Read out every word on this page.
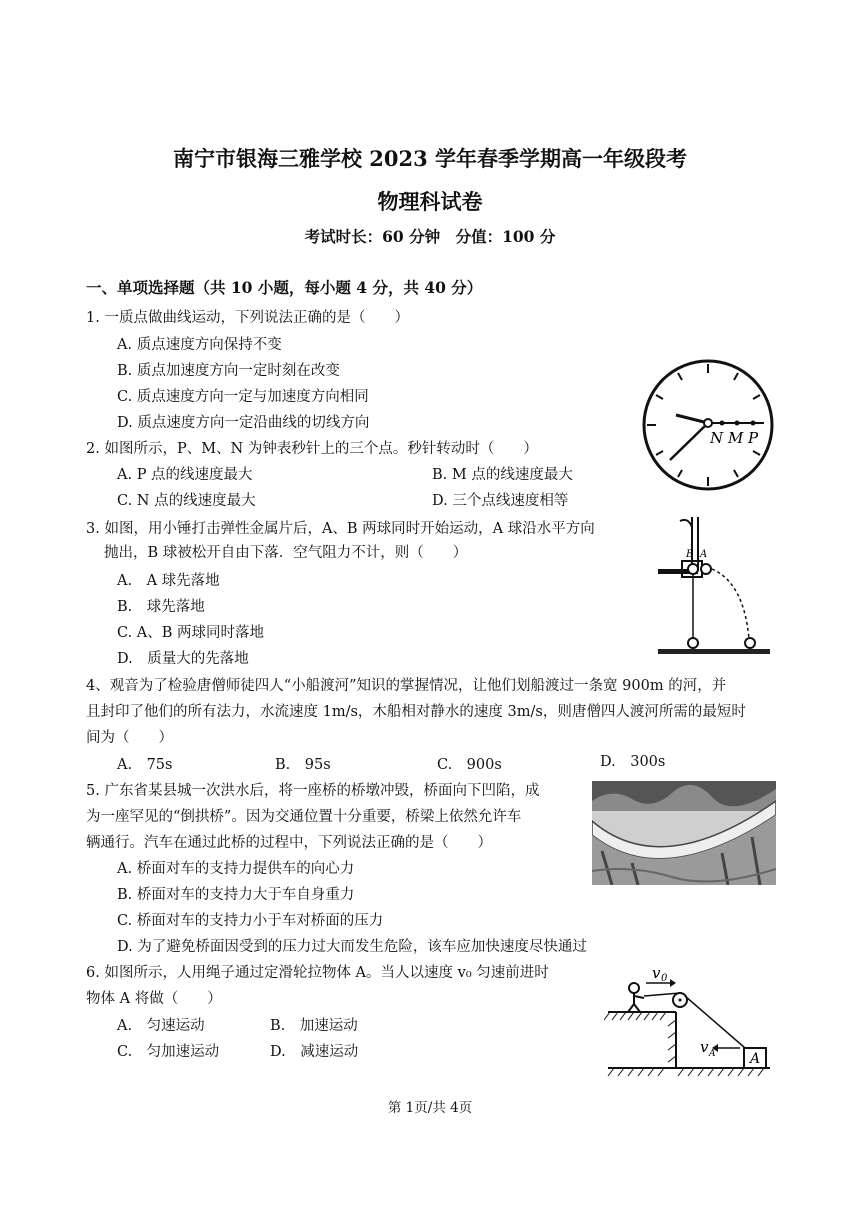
南宁市银海三雅学校 2023 学年春季学期高一年级段考
物理科试卷
考试时长：60 分钟　分值：100 分
一、单项选择题（共 10 小题，每小题 4 分，共 40 分）
1. 一质点做曲线运动，下列说法正确的是（　　）
A. 质点速度方向保持不变
B. 质点加速度方向一定时刻在改变
C. 质点速度方向一定与加速度方向相同
D. 质点速度方向一定沿曲线的切线方向
2. 如图所示，P、M、N 为钟表秒针上的三个点。秒针转动时（　　）
A. P 点的线速度最大	B. M 点的线速度最大
C. N 点的线速度最大	D. 三个点线速度相等
N M P
3. 如图，用小锤打击弹性金属片后，A、B 两球同时开始运动，A 球沿水平方向
抛出，B 球被松开自由下落．空气阻力不计，则（　　）
A.　A 球先落地
B.　球先落地
C. A、B 两球同时落地
D.　质量大的先落地
B A
4、观音为了检验唐僧师徒四人“小船渡河”知识的掌握情况，让他们划船渡过一条宽 900m 的河，并
且封印了他们的所有法力，水流速度 1m/s，木船相对静水的速度 3m/s，则唐僧四人渡河所需的最短时
间为（　　）
A.　75s	B.　95s	C.　900s	D.　300s
5. 广东省某县城一次洪水后，将一座桥的桥墩冲毁，桥面向下凹陷，成
为一座罕见的“倒拱桥”。因为交通位置十分重要，桥梁上依然允许车
辆通行。汽车在通过此桥的过程中，下列说法正确的是（　　）
A. 桥面对车的支持力提供车的向心力
B. 桥面对车的支持力大于车自身重力
C. 桥面对车的支持力小于车对桥面的压力
D. 为了避免桥面因受到的压力过大而发生危险，该车应加快速度尽快通过
6. 如图所示，人用绳子通过定滑轮拉物体 A。当人以速度 v₀ 匀速前进时
物体 A 将做（　　）
A.　匀速运动	B.　加速运动
C.　匀加速运动	D.　减速运动
v 0
A
v A
第 1页/共 4页
